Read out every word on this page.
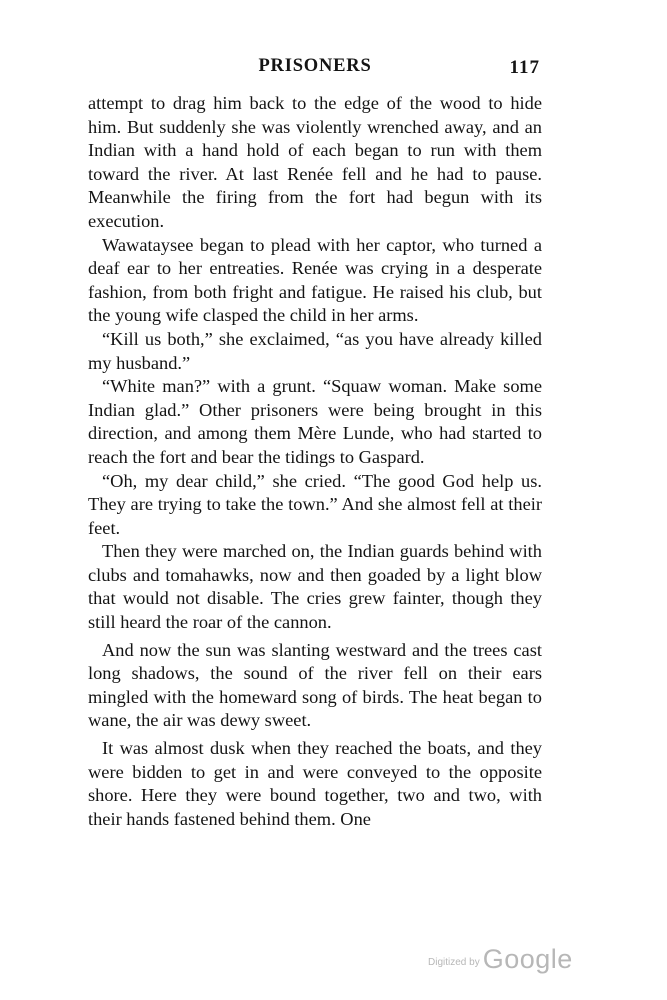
PRISONERS	117

attempt to drag him back to the edge of the wood to hide him. But suddenly she was violently wrenched away, and an Indian with a hand hold of each began to run with them toward the river. At last Renée fell and he had to pause. Meanwhile the firing from the fort had begun with its execution.

Wawataysee began to plead with her captor, who turned a deaf ear to her entreaties. Renée was crying in a desperate fashion, from both fright and fatigue. He raised his club, but the young wife clasped the child in her arms.

“Kill us both,” she exclaimed, “as you have already killed my husband.”

“White man?” with a grunt. “Squaw woman. Make some Indian glad.” Other prisoners were being brought in this direction, and among them Mère Lunde, who had started to reach the fort and bear the tidings to Gaspard.

“Oh, my dear child,” she cried. “The good God help us. They are trying to take the town.” And she almost fell at their feet.

Then they were marched on, the Indian guards behind with clubs and tomahawks, now and then goaded by a light blow that would not disable. The cries grew fainter, though they still heard the roar of the cannon.

And now the sun was slanting westward and the trees cast long shadows, the sound of the river fell on their ears mingled with the homeward song of birds. The heat began to wane, the air was dewy sweet.

It was almost dusk when they reached the boats, and they were bidden to get in and were conveyed to the opposite shore. Here they were bound together, two and two, with their hands fastened behind them. One

Digitized by Google
